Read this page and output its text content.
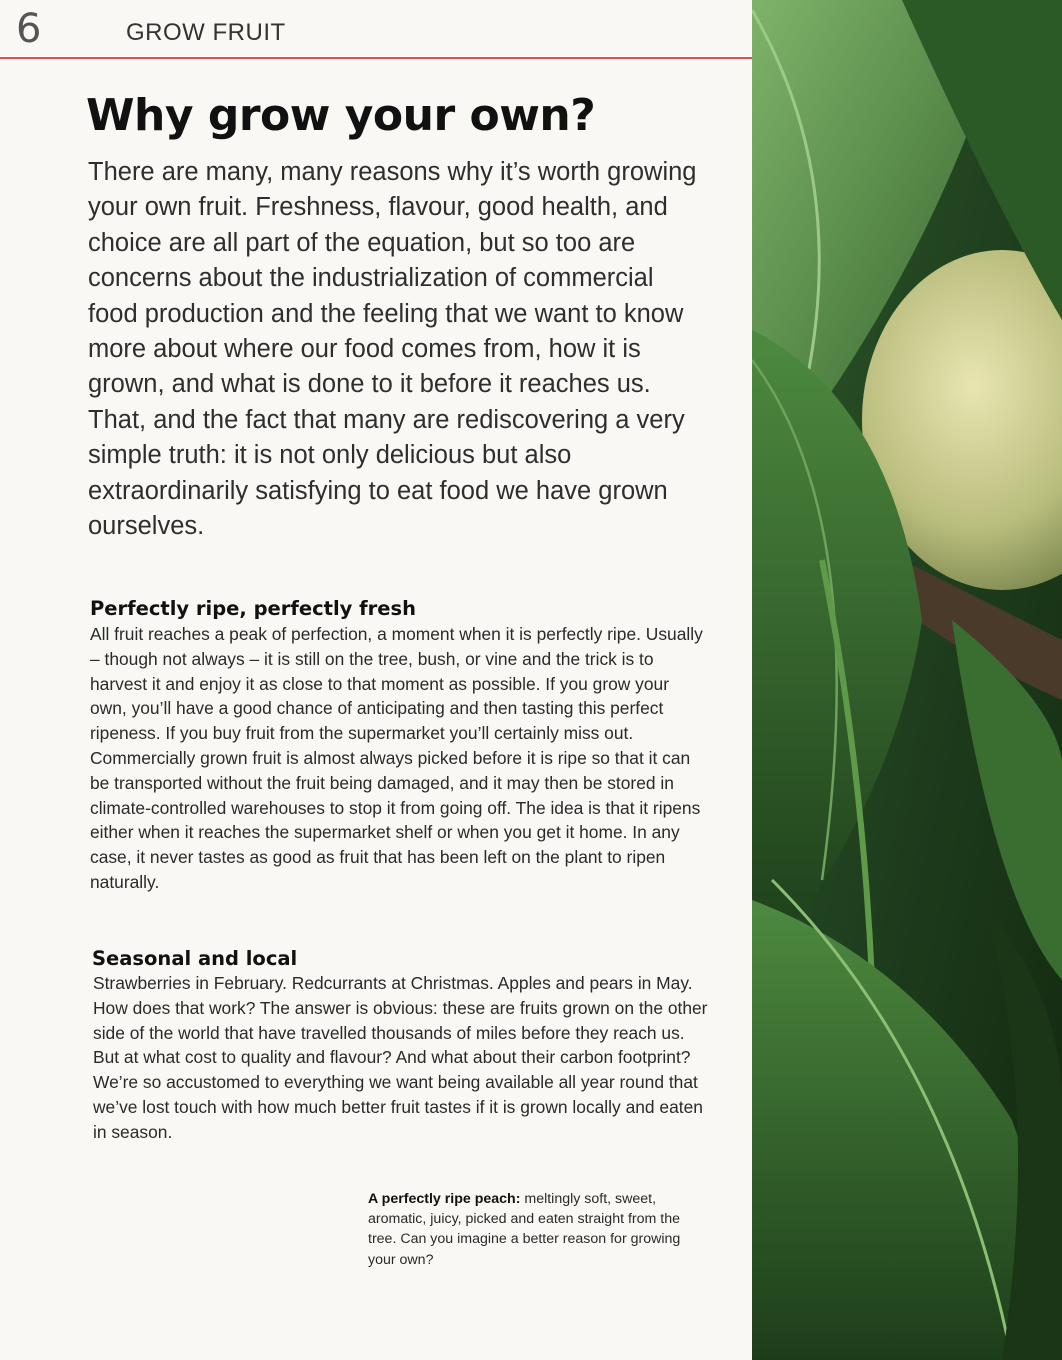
6	GROW FRUIT
Why grow your own?

There are many, many reasons why it’s worth growing your own fruit. Freshness, flavour, good health, and choice are all part of the equation, but so too are concerns about the industrialization of commercial food production and the feeling that we want to know more about where our food comes from, how it is grown, and what is done to it before it reaches us. That, and the fact that many are rediscovering a very simple truth: it is not only delicious but also extraordinarily satisfying to eat food we have grown ourselves.

Perfectly ripe, perfectly fresh

All fruit reaches a peak of perfection, a moment when it is perfectly ripe. Usually – though not always – it is still on the tree, bush, or vine and the trick is to harvest it and enjoy it as close to that moment as possible. If you grow your own, you’ll have a good chance of anticipating and then tasting this perfect ripeness. If you buy fruit from the supermarket you’ll certainly miss out. Commercially grown fruit is almost always picked before it is ripe so that it can be transported without the fruit being damaged, and it may then be stored in climate-controlled warehouses to stop it from going off. The idea is that it ripens either when it reaches the supermarket shelf or when you get it home. In any case, it never tastes as good as fruit that has been left on the plant to ripen naturally.

Seasonal and local

Strawberries in February. Redcurrants at Christmas. Apples and pears in May. How does that work? The answer is obvious: these are fruits grown on the other side of the world that have travelled thousands of miles before they reach us. But at what cost to quality and flavour? And what about their carbon footprint? We’re so accustomed to everything we want being available all year round that we’ve lost touch with how much better fruit tastes if it is grown locally and eaten in season.

A perfectly ripe peach: meltingly soft, sweet, aromatic, juicy, picked and eaten straight from the tree. Can you imagine a better reason for growing your own?
